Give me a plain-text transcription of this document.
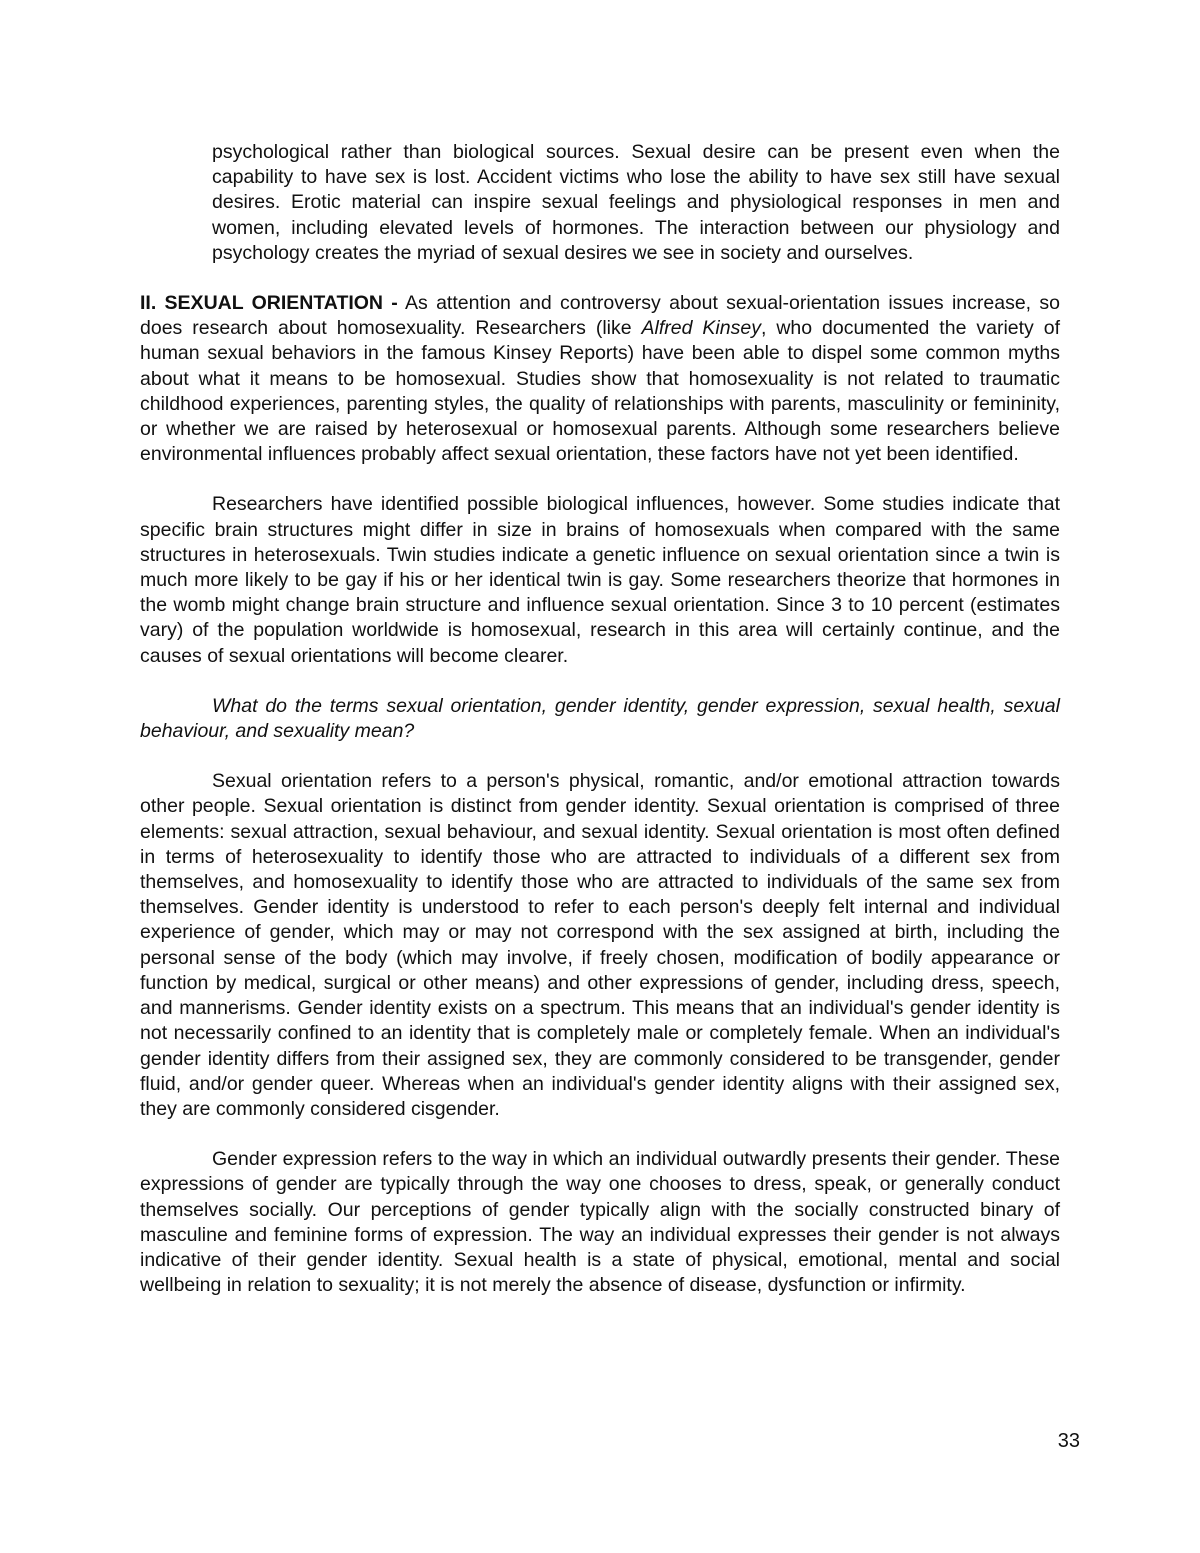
psychological rather than biological sources. Sexual desire can be present even when the capability to have sex is lost. Accident victims who lose the ability to have sex still have sexual desires. Erotic material can inspire sexual feelings and physiological responses in men and women, including elevated levels of hormones. The interaction between our physiology and psychology creates the myriad of sexual desires we see in society and ourselves.

II. SEXUAL ORIENTATION - As attention and controversy about sexual-orientation issues increase, so does research about homosexuality. Researchers (like Alfred Kinsey, who documented the variety of human sexual behaviors in the famous Kinsey Reports) have been able to dispel some common myths about what it means to be homosexual. Studies show that homosexuality is not related to traumatic childhood experiences, parenting styles, the quality of relationships with parents, masculinity or femininity, or whether we are raised by heterosexual or homosexual parents. Although some researchers believe environmental influences probably affect sexual orientation, these factors have not yet been identified.

Researchers have identified possible biological influences, however. Some studies indicate that specific brain structures might differ in size in brains of homosexuals when compared with the same structures in heterosexuals. Twin studies indicate a genetic influence on sexual orientation since a twin is much more likely to be gay if his or her identical twin is gay. Some researchers theorize that hormones in the womb might change brain structure and influence sexual orientation. Since 3 to 10 percent (estimates vary) of the population worldwide is homosexual, research in this area will certainly continue, and the causes of sexual orientations will become clearer.

What do the terms sexual orientation, gender identity, gender expression, sexual health, sexual behaviour, and sexuality mean?

Sexual orientation refers to a person's physical, romantic, and/or emotional attraction towards other people. Sexual orientation is distinct from gender identity. Sexual orientation is comprised of three elements: sexual attraction, sexual behaviour, and sexual identity. Sexual orientation is most often defined in terms of heterosexuality to identify those who are attracted to individuals of a different sex from themselves, and homosexuality to identify those who are attracted to individuals of the same sex from themselves. Gender identity is understood to refer to each person's deeply felt internal and individual experience of gender, which may or may not correspond with the sex assigned at birth, including the personal sense of the body (which may involve, if freely chosen, modification of bodily appearance or function by medical, surgical or other means) and other expressions of gender, including dress, speech, and mannerisms. Gender identity exists on a spectrum. This means that an individual's gender identity is not necessarily confined to an identity that is completely male or completely female. When an individual's gender identity differs from their assigned sex, they are commonly considered to be transgender, gender fluid, and/or gender queer. Whereas when an individual's gender identity aligns with their assigned sex, they are commonly considered cisgender.

Gender expression refers to the way in which an individual outwardly presents their gender. These expressions of gender are typically through the way one chooses to dress, speak, or generally conduct themselves socially. Our perceptions of gender typically align with the socially constructed binary of masculine and feminine forms of expression. The way an individual expresses their gender is not always indicative of their gender identity. Sexual health is a state of physical, emotional, mental and social wellbeing in relation to sexuality; it is not merely the absence of disease, dysfunction or infirmity.

33
